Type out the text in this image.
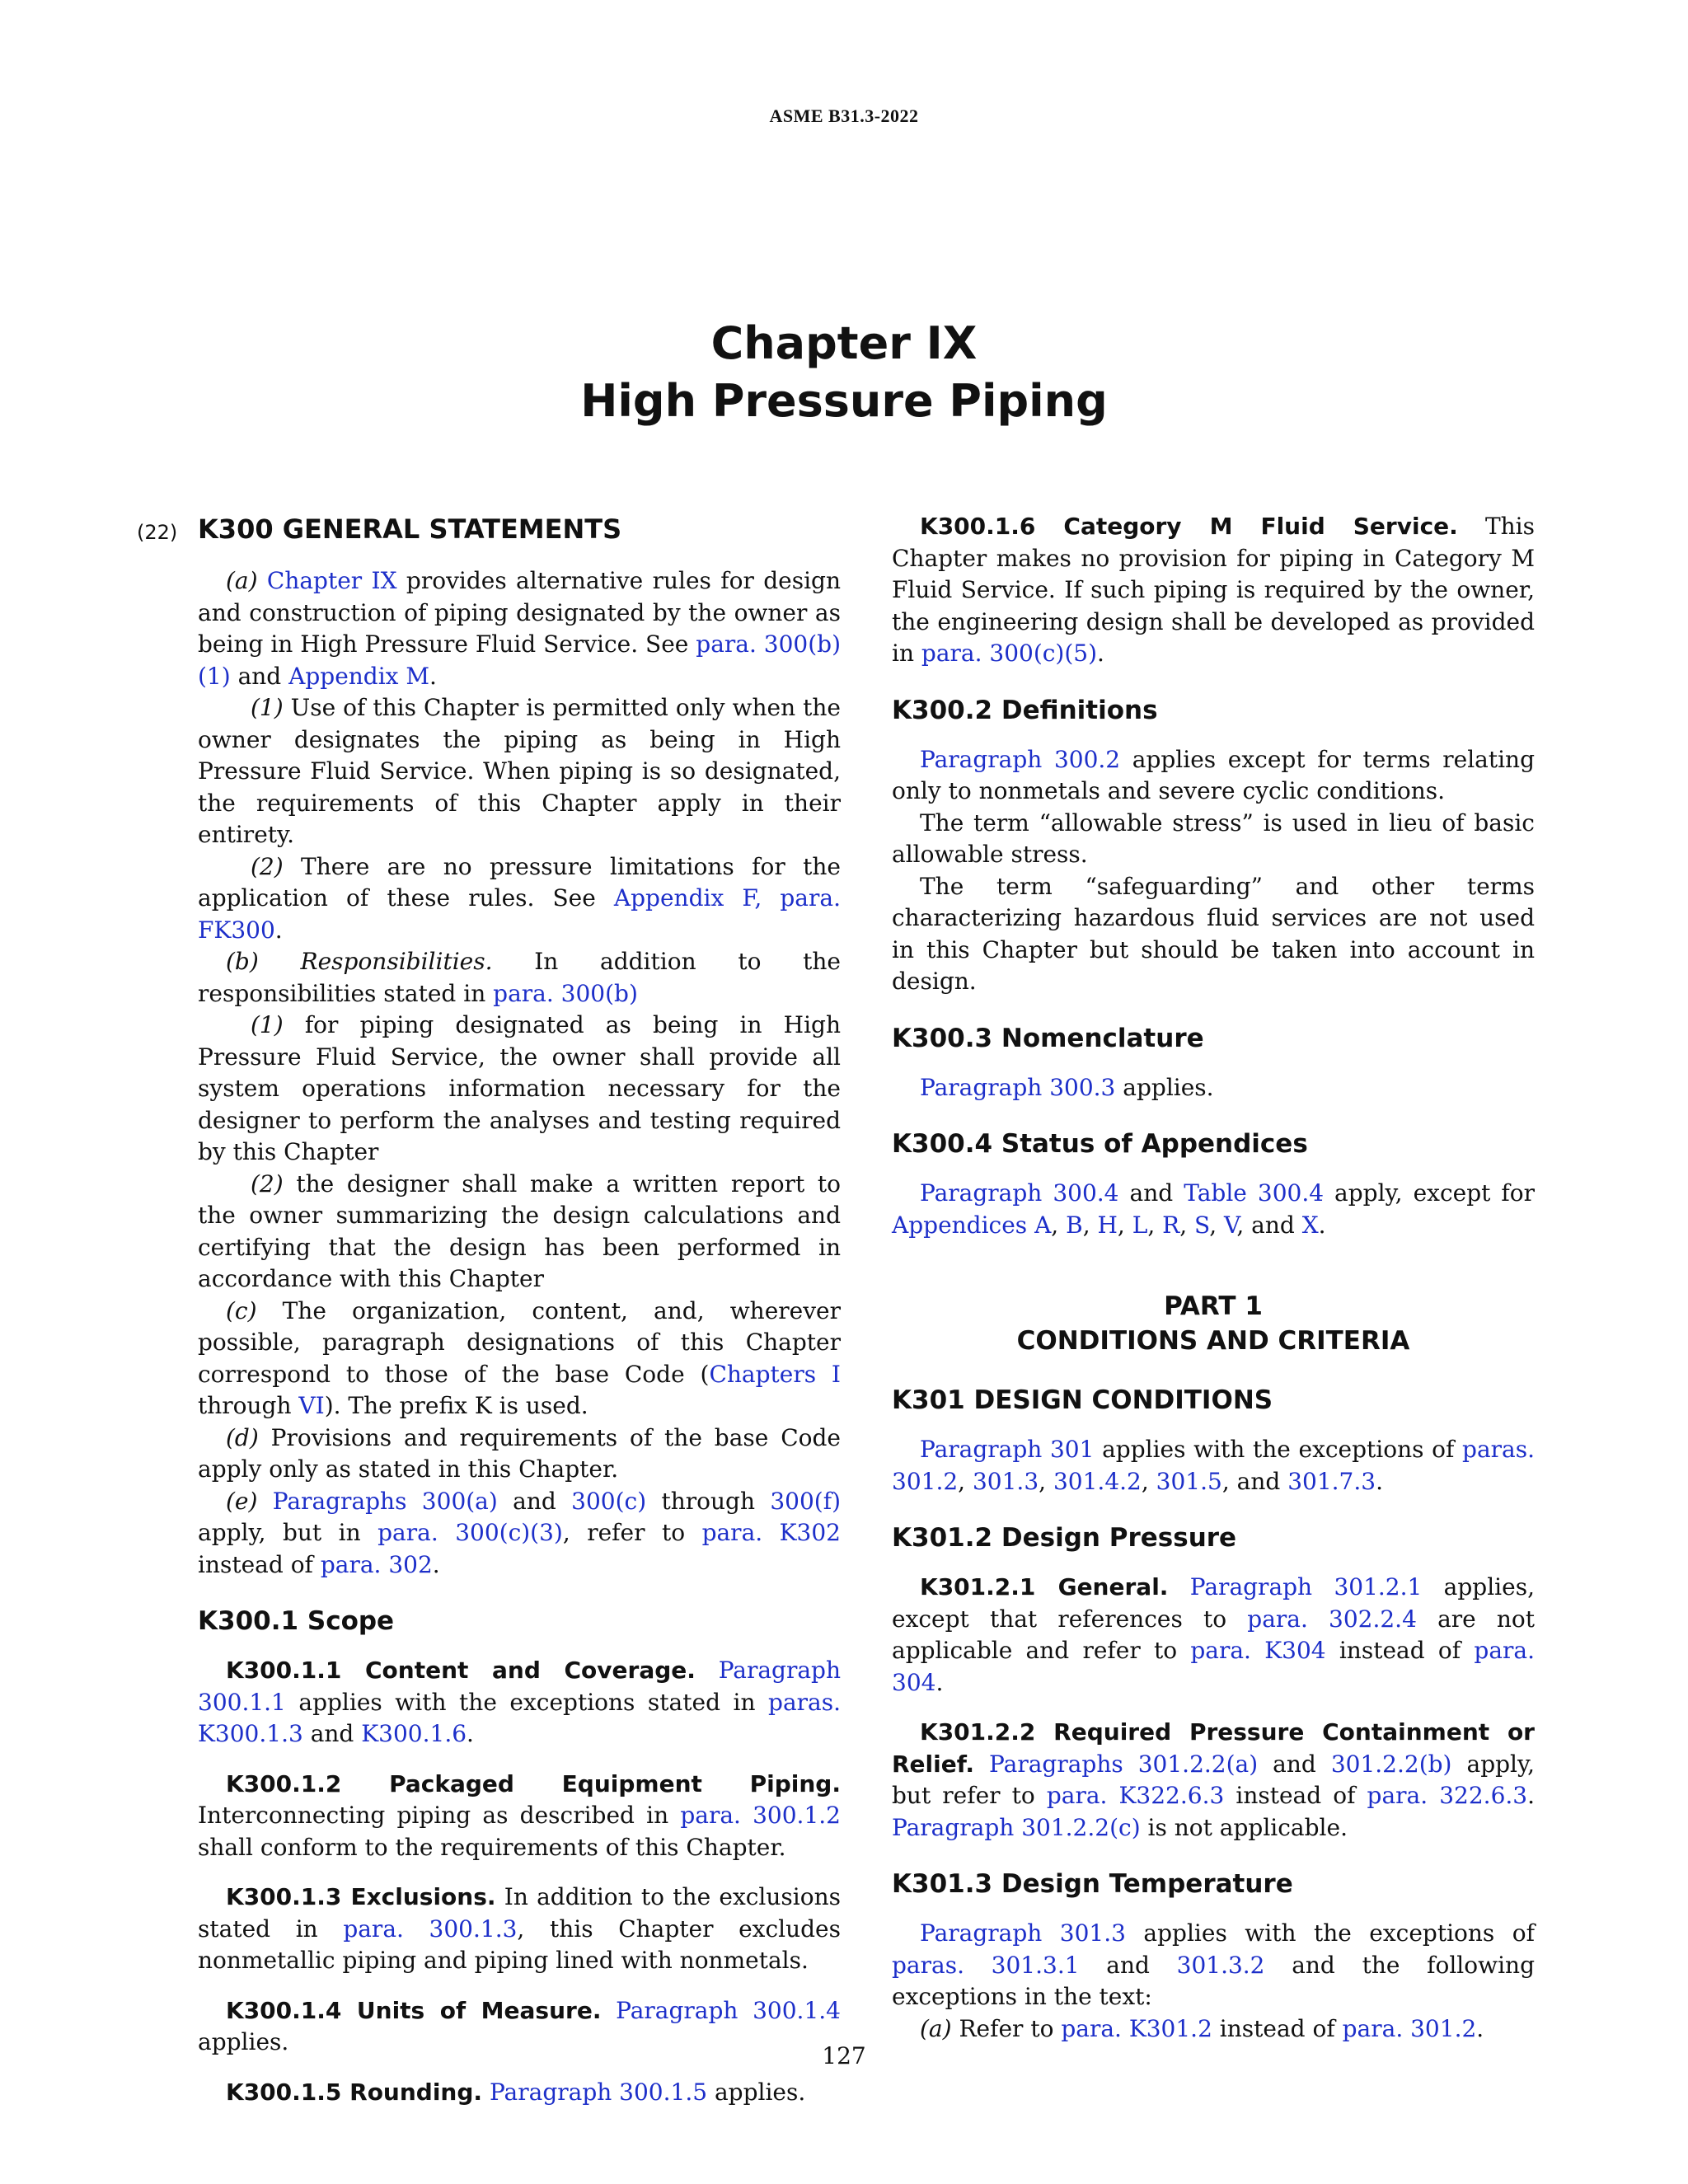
ASME B31.3-2022
Chapter IX
High Pressure Piping
(22) K300 GENERAL STATEMENTS

(a) Chapter IX provides alternative rules for design and construction of piping designated by the owner as being in High Pressure Fluid Service. See para. 300(b)(1) and Appendix M.

(1) Use of this Chapter is permitted only when the owner designates the piping as being in High Pressure Fluid Service. When piping is so designated, the requirements of this Chapter apply in their entirety.

(2) There are no pressure limitations for the application of these rules. See Appendix F, para. FK300.

(b) Responsibilities. In addition to the responsibilities stated in para. 300(b)

(1) for piping designated as being in High Pressure Fluid Service, the owner shall provide all system operations information necessary for the designer to perform the analyses and testing required by this Chapter

(2) the designer shall make a written report to the owner summarizing the design calculations and certifying that the design has been performed in accordance with this Chapter

(c) The organization, content, and, wherever possible, paragraph designations of this Chapter correspond to those of the base Code (Chapters I through VI). The prefix K is used.

(d) Provisions and requirements of the base Code apply only as stated in this Chapter.

(e) Paragraphs 300(a) and 300(c) through 300(f) apply, but in para. 300(c)(3), refer to para. K302 instead of para. 302.

K300.1 Scope

K300.1.1 Content and Coverage. Paragraph 300.1.1 applies with the exceptions stated in paras. K300.1.3 and K300.1.6.

K300.1.2 Packaged Equipment Piping. Interconnecting piping as described in para. 300.1.2 shall conform to the requirements of this Chapter.

K300.1.3 Exclusions. In addition to the exclusions stated in para. 300.1.3, this Chapter excludes nonmetallic piping and piping lined with nonmetals.

K300.1.4 Units of Measure. Paragraph 300.1.4 applies.

K300.1.5 Rounding. Paragraph 300.1.5 applies.

K300.1.6 Category M Fluid Service. This Chapter makes no provision for piping in Category M Fluid Service. If such piping is required by the owner, the engineering design shall be developed as provided in para. 300(c)(5).

K300.2 Definitions

Paragraph 300.2 applies except for terms relating only to nonmetals and severe cyclic conditions.

The term “allowable stress” is used in lieu of basic allowable stress.

The term “safeguarding” and other terms characterizing hazardous fluid services are not used in this Chapter but should be taken into account in design.

K300.3 Nomenclature

Paragraph 300.3 applies.

K300.4 Status of Appendices

Paragraph 300.4 and Table 300.4 apply, except for Appendices A, B, H, L, R, S, V, and X.

PART 1
CONDITIONS AND CRITERIA
K301 DESIGN CONDITIONS

Paragraph 301 applies with the exceptions of paras. 301.2, 301.3, 301.4.2, 301.5, and 301.7.3.

K301.2 Design Pressure

K301.2.1 General. Paragraph 301.2.1 applies, except that references to para. 302.2.4 are not applicable and refer to para. K304 instead of para. 304.

K301.2.2 Required Pressure Containment or Relief. Paragraphs 301.2.2(a) and 301.2.2(b) apply, but refer to para. K322.6.3 instead of para. 322.6.3. Paragraph 301.2.2(c) is not applicable.

K301.3 Design Temperature

Paragraph 301.3 applies with the exceptions of paras. 301.3.1 and 301.3.2 and the following exceptions in the text:

(a) Refer to para. K301.2 instead of para. 301.2.

127
